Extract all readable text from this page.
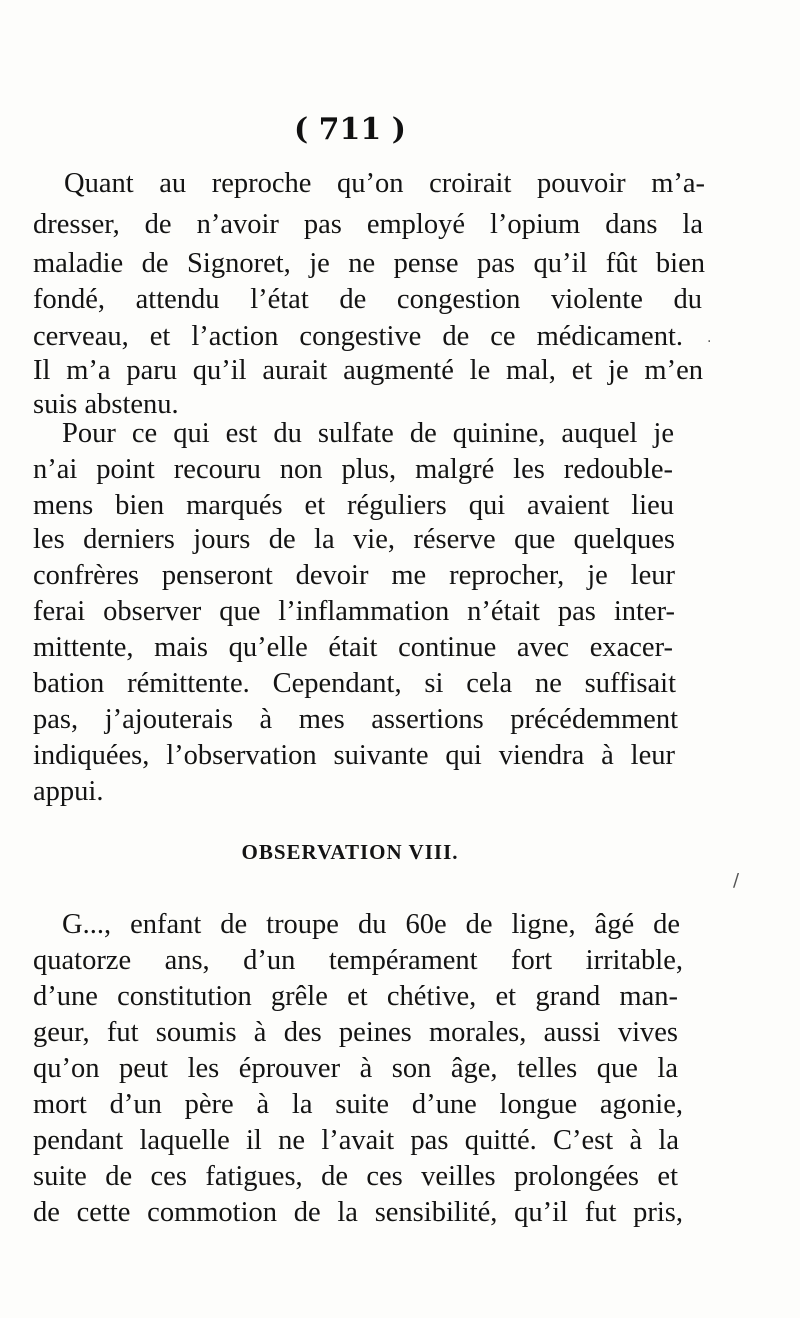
( 711 )
Quant au reproche qu’on croirait pouvoir m’a-
dresser, de n’avoir pas employé l’opium dans la
maladie de Signoret, je ne pense pas qu’il fût bien
fondé, attendu l’état de congestion violente du
cerveau, et l’action congestive de ce médicament.
Il m’a paru qu’il aurait augmenté le mal, et je m’en
suis abstenu.
Pour ce qui est du sulfate de quinine, auquel je
n’ai point recouru non plus, malgré les redouble-
mens bien marqués et réguliers qui avaient lieu
les derniers jours de la vie, réserve que quelques
confrères penseront devoir me reprocher, je leur
ferai observer que l’inflammation n’était pas inter-
mittente, mais qu’elle était continue avec exacer-
bation rémittente. Cependant, si cela ne suffisait
pas, j’ajouterais à mes assertions précédemment
indiquées, l’observation suivante qui viendra à leur
appui.
OBSERVATION VIII.
G..., enfant de troupe du 60e de ligne, âgé de
quatorze ans, d’un tempérament fort irritable,
d’une constitution grêle et chétive, et grand man-
geur, fut soumis à des peines morales, aussi vives
qu’on peut les éprouver à son âge, telles que la
mort d’un père à la suite d’une longue agonie,
pendant laquelle il ne l’avait pas quitté. C’est à la
suite de ces fatigues, de ces veilles prolongées et
de cette commotion de la sensibilité, qu’il fut pris,
.
/
